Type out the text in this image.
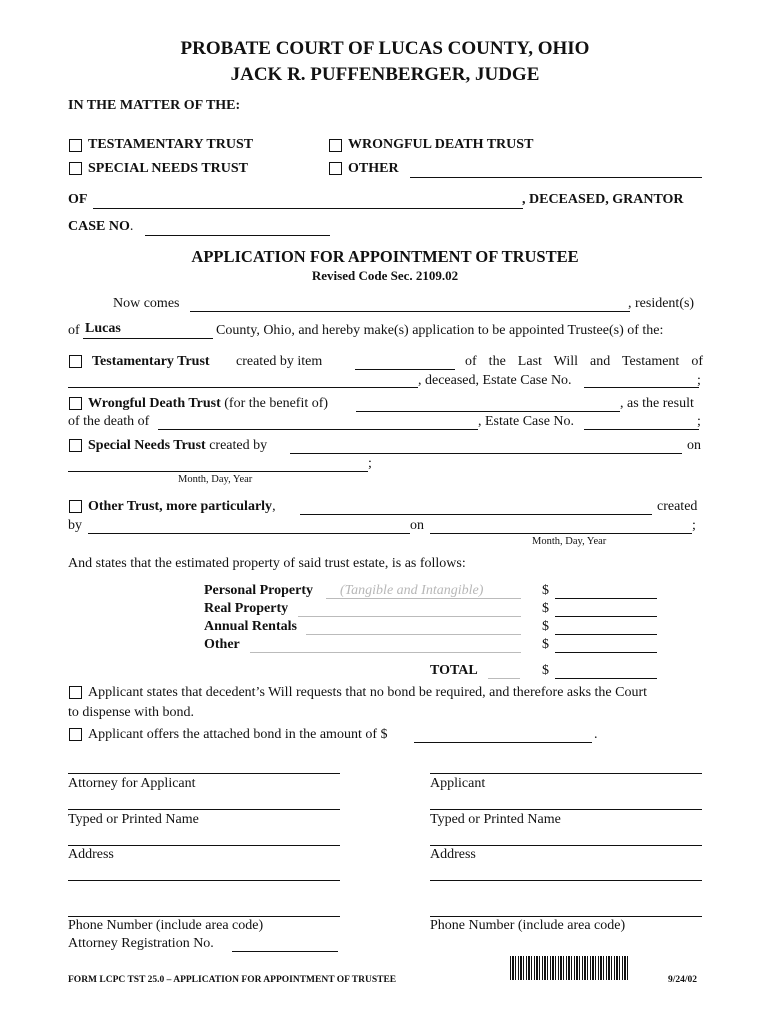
PROBATE COURT OF LUCAS COUNTY, OHIO
JACK R. PUFFENBERGER, JUDGE
IN THE MATTER OF THE:
TESTAMENTARY TRUST
SPECIAL NEEDS TRUST
WRONGFUL DEATH TRUST
OTHER
OF	, DECEASED, GRANTOR
CASE NO.
APPLICATION FOR APPOINTMENT OF TRUSTEE
Revised Code Sec. 2109.02
Now comes	, resident(s)
of Lucas	County, Ohio, and hereby make(s) application to be appointed Trustee(s) of the:
Testamentary Trust created by item	of the Last Will and Testament of
, deceased, Estate Case No.	;
Wrongful Death Trust (for the benefit of)	, as the result
of the death of	, Estate Case No.	;
Special Needs Trust created by	on
;
Month, Day, Year
Other Trust, more particularly,	created
by	on	;
Month, Day, Year
And states that the estimated property of said trust estate, is as follows:
Personal Property (Tangible and Intangible)	$
Real Property	$
Annual Rentals	$
Other	$
TOTAL	$
Applicant states that decedent’s Will requests that no bond be required, and therefore asks the Court
to dispense with bond.
Applicant offers the attached bond in the amount of $	.
Attorney for Applicant	Applicant
Typed or Printed Name	Typed or Printed Name
Address	Address
Phone Number (include area code)	Phone Number (include area code)
Attorney Registration No.
FORM LCPC TST 25.0 – APPLICATION FOR APPOINTMENT OF TRUSTEE	9/24/02
